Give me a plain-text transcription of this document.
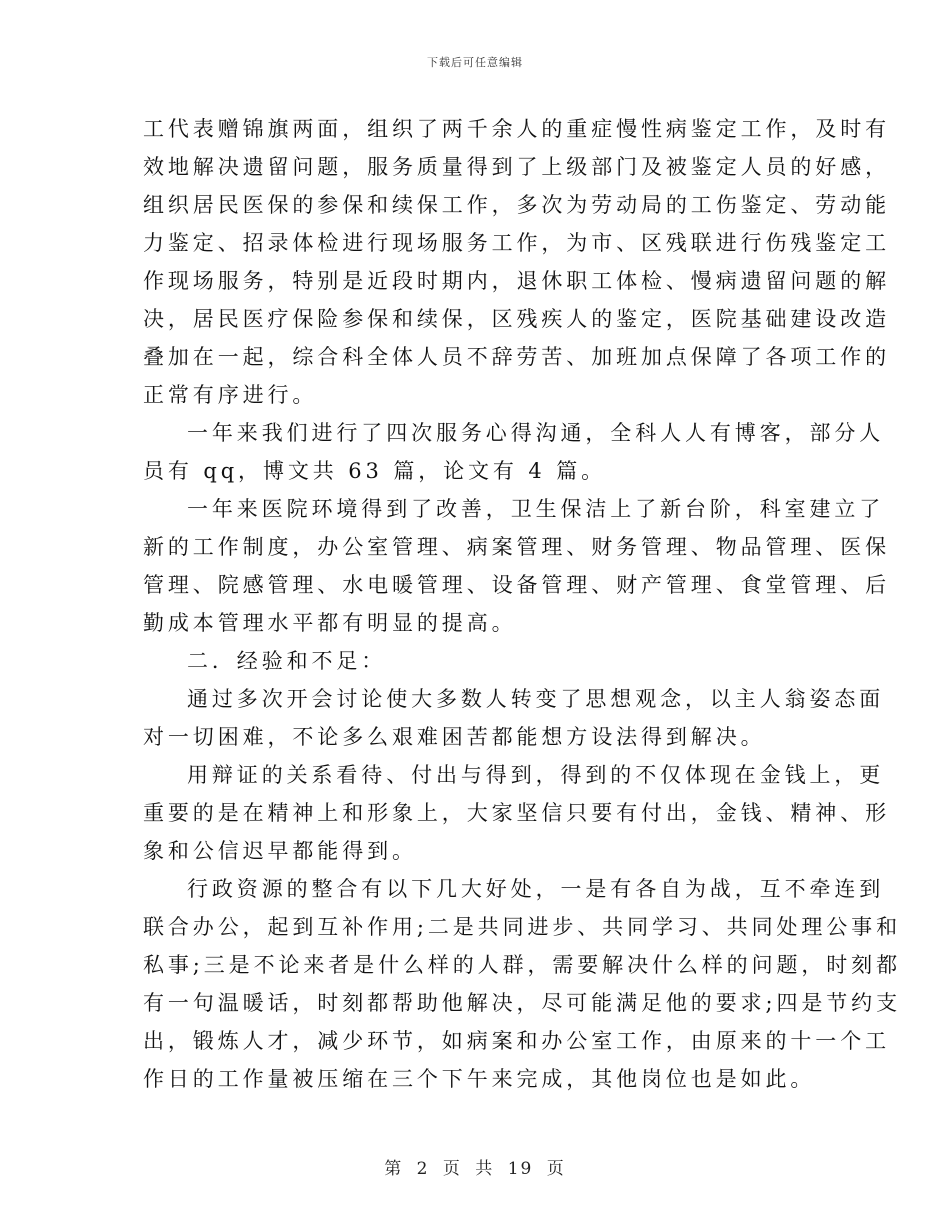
下载后可任意编辑
工代表赠锦旗两面，组织了两千余人的重症慢性病鉴定工作，及时有
效地解决遗留问题，服务质量得到了上级部门及被鉴定人员的好感，
组织居民医保的参保和续保工作，多次为劳动局的工伤鉴定、劳动能
力鉴定、招录体检进行现场服务工作，为市、区残联进行伤残鉴定工
作现场服务，特别是近段时期内，退休职工体检、慢病遗留问题的解
决，居民医疗保险参保和续保，区残疾人的鉴定，医院基础建设改造
叠加在一起，综合科全体人员不辞劳苦、加班加点保障了各项工作的
正常有序进行。
一年来我们进行了四次服务心得沟通，全科人人有博客，部分人
员有 qq，博文共 63 篇，论文有 4 篇。
一年来医院环境得到了改善，卫生保洁上了新台阶，科室建立了
新的工作制度，办公室管理、病案管理、财务管理、物品管理、医保
管理、院感管理、水电暖管理、设备管理、财产管理、食堂管理、后
勤成本管理水平都有明显的提高。
二．经验和不足：
通过多次开会讨论使大多数人转变了思想观念，以主人翁姿态面
对一切困难，不论多么艰难困苦都能想方设法得到解决。
用辩证的关系看待、付出与得到，得到的不仅体现在金钱上，更
重要的是在精神上和形象上，大家坚信只要有付出，金钱、精神、形
象和公信迟早都能得到。
行政资源的整合有以下几大好处，一是有各自为战，互不牵连到
联合办公，起到互补作用;二是共同进步、共同学习、共同处理公事和
私事;三是不论来者是什么样的人群，需要解决什么样的问题，时刻都
有一句温暖话，时刻都帮助他解决，尽可能满足他的要求;四是节约支
出，锻炼人才，减少环节，如病案和办公室工作，由原来的十一个工
作日的工作量被压缩在三个下午来完成，其他岗位也是如此。
第 2 页 共 19 页
